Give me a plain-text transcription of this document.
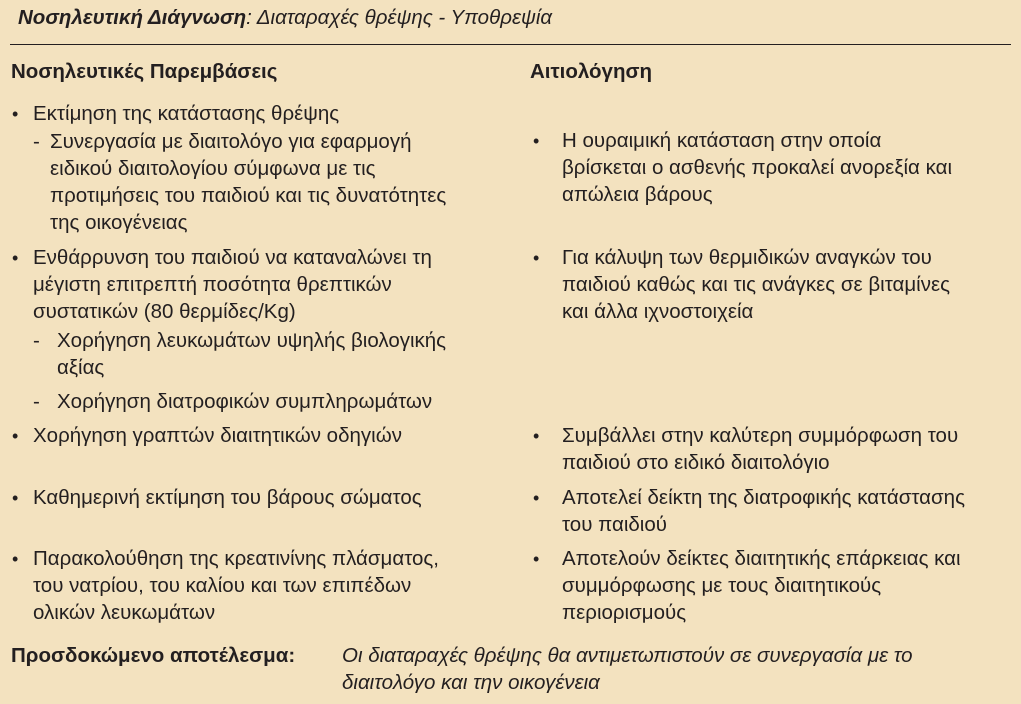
Νοσηλευτική Διάγνωση: Διαταραχές θρέψης - Υποθρεψία
Νοσηλευτικές Παρεμβάσεις	Αιτιολόγηση
• Εκτίμηση της κατάστασης θρέψης
- Συνεργασία με διαιτολόγο για εφαρμογή
ειδικού διαιτολογίου σύμφωνα με τις
προτιμήσεις του παιδιού και τις δυνατότητες
της οικογένειας
• Ενθάρρυνση του παιδιού να καταναλώνει τη
μέγιστη επιτρεπτή ποσότητα θρεπτικών
συστατικών (80 θερμίδες/Kg)
- Χορήγηση λευκωμάτων υψηλής βιολογικής
αξίας
- Χορήγηση διατροφικών συμπληρωμάτων
• Χορήγηση γραπτών διαιτητικών οδηγιών
• Καθημερινή εκτίμηση του βάρους σώματος
• Παρακολούθηση της κρεατινίνης πλάσματος,
του νατρίου, του καλίου και των επιπέδων
ολικών λευκωμάτων
• Η ουραιμική κατάσταση στην οποία
βρίσκεται ο ασθενής προκαλεί ανορεξία και
απώλεια βάρους
• Για κάλυψη των θερμιδικών αναγκών του
παιδιού καθώς και τις ανάγκες σε βιταμίνες
και άλλα ιχνοστοιχεία
• Συμβάλλει στην καλύτερη συμμόρφωση του
παιδιού στο ειδικό διαιτολόγιο
• Αποτελεί δείκτη της διατροφικής κατάστασης
του παιδιού
• Αποτελούν δείκτες διαιτητικής επάρκειας και
συμμόρφωσης με τους διαιτητικούς
περιορισμούς
Προσδοκώμενο αποτέλεσμα: Οι διαταραχές θρέψης θα αντιμετωπιστούν σε συνεργασία με το
διαιτολόγο και την οικογένεια
